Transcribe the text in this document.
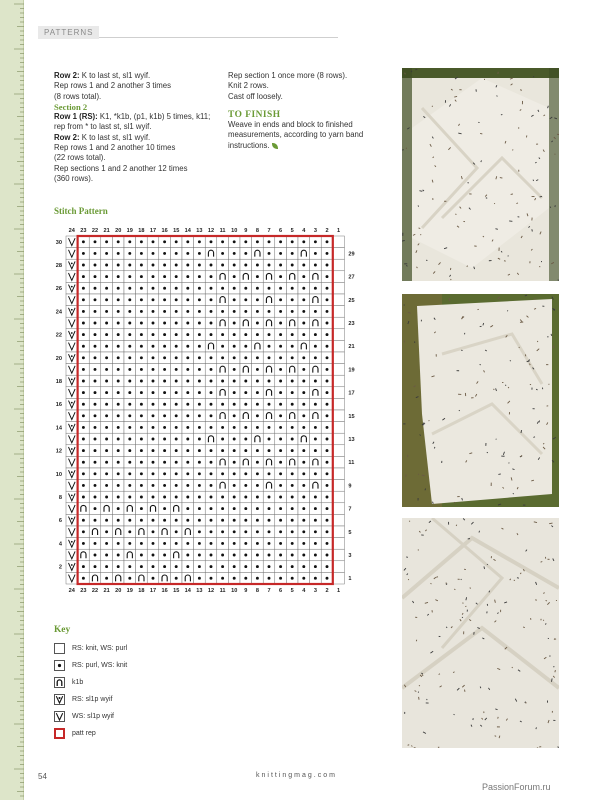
PATTERNS
Row 2: K to last st, sl1 wyif.
Rep rows 1 and 2 another 3 times
(8 rows total).
Section 2
Row 1 (RS): K1, *k1b, (p1, k1b) 5 times, k11;
rep from * to last st, sl1 wyif.
Row 2: K to last st, sl1 wyif.
Rep rows 1 and 2 another 10 times
(22 rows total).
Rep sections 1 and 2 another 12 times
(360 rows).
Rep section 1 once more (8 rows).
Knit 2 rows.
Cast off loosely.
TO FINISH
Weave in ends and block to finished
measurements, according to yarn band
instructions.
Stitch Pattern
24
24
23
23
22
22
21
21
20
20
19
19
18
18
17
17
16
16
15
15
14
14
13
13
12
12
11
11
10
10
9
9
8
8
7
7
6
6
5
5
4
4
3
3
2
2
1
1
30
29
28
27
26
25
24
23
22
21
20
19
18
17
16
15
14
13
12
11
10
9
8
7
6
5
4
3
2
1
Key
RS: knit, WS: purl
RS: purl, WS: knit
k1b
RS: sl1p wyif
WS: sl1p wyif
patt rep
54	knittingmag.com
PassionForum.ru
